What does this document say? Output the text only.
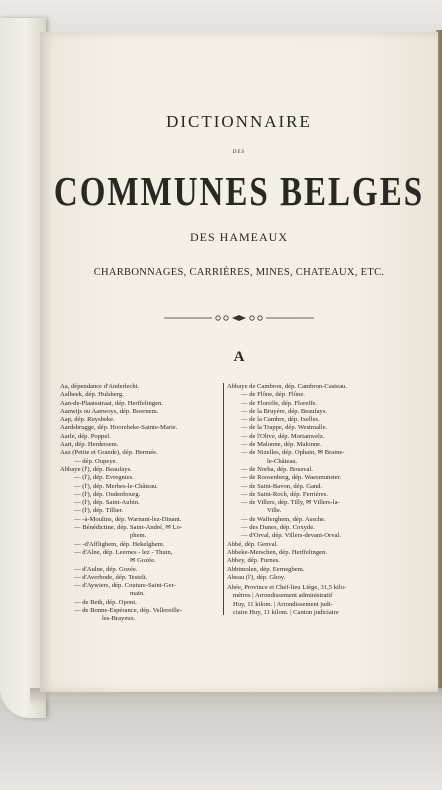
DICTIONNAIRE
DES
COMMUNES BELGES
DES HAMEAUX
CHARBONNAGES, CARRIÈRES, MINES, CHATEAUX, ETC.
A
Aa, dépendance d'Anderlecht.
Aalbeek, dép. Hulsberg.
Aan-de-Plaatsstraat, dép. Herffelingen.
Aanwijs ou Aanwoys, dép. Boernem.
Aap, dép. Ruysbeke.
Aardsbrugge, dép. Hooreheke-Sainte-Marie.
Aarle, dép. Poppel.
Aart, dép. Herdersem.
Aaz (Petite et Grande), dép. Hermée.
— dép. Oupeye.
Abbaye (l'), dép. Beaufays.
— (l'), dép. Evregnies.
— (l'), dép. Merbes-le-Château.
— (l'), dép. Oudenbourg.
— (l'), dép. Saint-Aubin.
— (l'), dép. Tillier.
— -à-Moulins, dép. Warnant-lez-Dinant.
— Bénédictine, dép. Saint-André, ✉ Lo-
phem.
— -d'Afflighem, dép. Hekelghem.
— d'Alne, dép. Leernes - lez - Thuin,
✉ Gozée.
— d'Aulne, dép. Gozée.
— d'Averbode, dép. Testelt.
— d'Aywiers, dép. Couture-Saint-Ger-
main.
— de Beth, dép. Opont.
— de Bonne-Espérance, dép. Vellereille-
les-Brayeux.
Abbaye de Cambron, dép. Cambron-Casteau.
— de Flône, dép. Flône.
— de Floreffe, dép. Floreffe.
— de la Bruyère, dép. Beaufays.
— de la Cambre, dép. Ixelles.
— de la Trappe, dép. Westmalle.
— de l'Olive, dép. Mortanwelz.
— de Malonne, dép. Malonne.
— de Nizelles, dép. Ophain, ✉ Braine-
le-Château.
— de Norba, dép. Bousval.
— de Roosenberg, dép. Waesmunster.
— de Saint-Bavon, dép. Gand.
— de Saint-Roch, dép. Ferrières.
— de Villers, dép. Tilly, ✉ Villers-la-
Ville.
— de Walferghem, dép. Assche.
— des Dunes, dép. Coxyde.
— d'Orval, dép. Villers-devant-Orval.
Abbé, dép. Genval.
Abbeke-Merschen, dép. Herffelingen.
Abbey, dép. Furnes.
Abbtmolen, dép. Eernegbem.
Abeau (l'), dép. Ghoy.
Abée, Province et Chef-lieu Liège, 31,5 kilo-
mètres | Arrondissement administratif
Huy, 11 kilom. | Arrondissement judi-
ciaire Huy, 11 kilom. | Canton judiciaire
